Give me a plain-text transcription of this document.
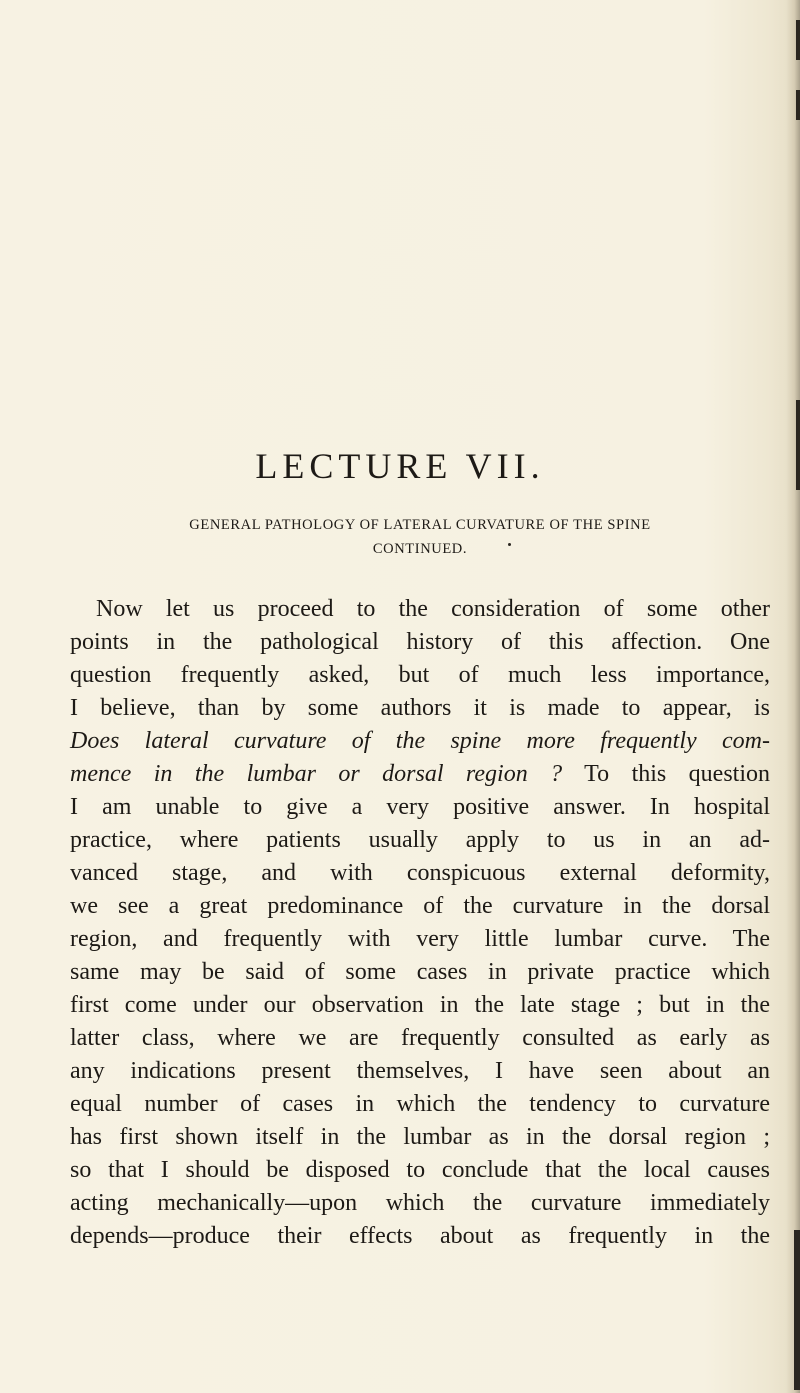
LECTURE VII.
GENERAL PATHOLOGY OF LATERAL CURVATURE OF THE SPINE
CONTINUED.
Now let us proceed to the consideration of some other
points in the pathological history of this affection. One
question frequently asked, but of much less importance,
I believe, than by some authors it is made to appear, is
Does lateral curvature of the spine more frequently com-
mence in the lumbar or dorsal region ? To this question
I am unable to give a very positive answer. In hospital
practice, where patients usually apply to us in an ad-
vanced stage, and with conspicuous external deformity,
we see a great predominance of the curvature in the dorsal
region, and frequently with very little lumbar curve. The
same may be said of some cases in private practice which
first come under our observation in the late stage ; but in the
latter class, where we are frequently consulted as early as
any indications present themselves, I have seen about an
equal number of cases in which the tendency to curvature
has first shown itself in the lumbar as in the dorsal region ;
so that I should be disposed to conclude that the local causes
acting mechanically—upon which the curvature immediately
depends—produce their effects about as frequently in the
